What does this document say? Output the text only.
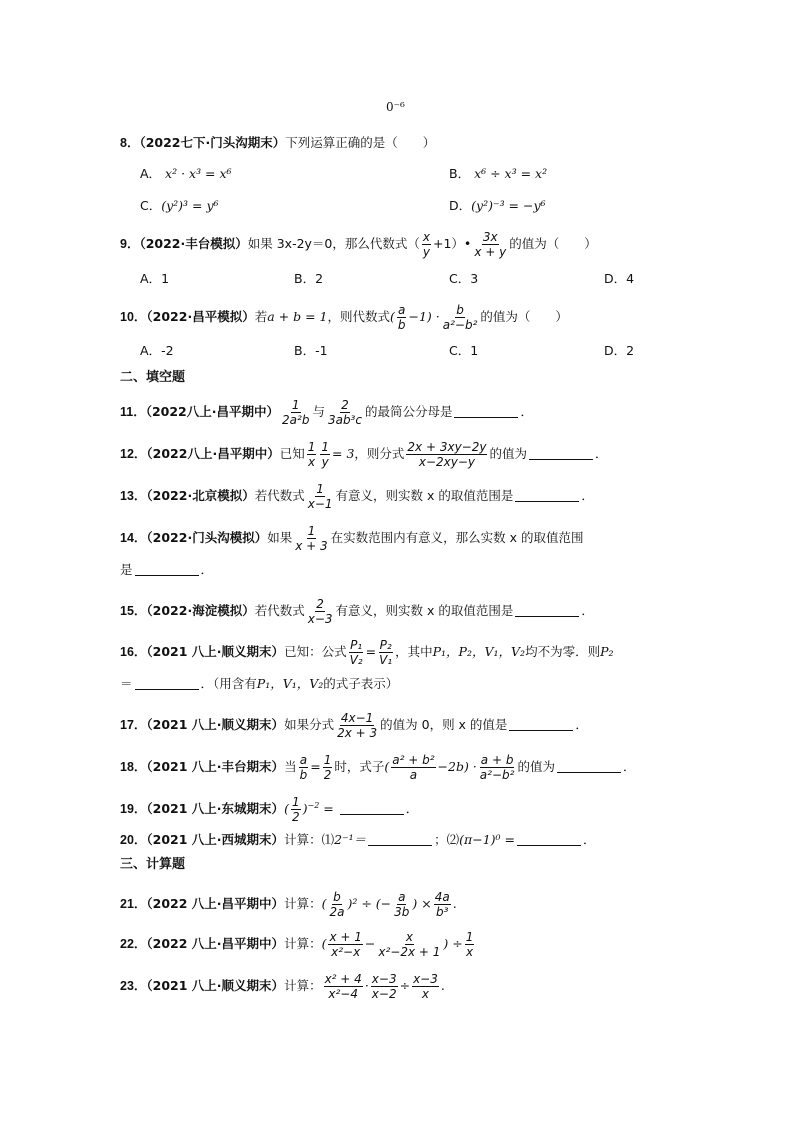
0⁻⁶
8．（2022七下·门头沟期末）下列运算正确的是（　　）
A． x² · x³ = x⁶	B． x⁶ ÷ x³ = x²
C．(y²)³ = y⁶	D．(y²)⁻³ = −y⁶
9．（2022·丰台模拟）如果 3x-2y＝0，那么代数式（ $\frac{x}{y}$ +1）• $\frac{3x}{x + y}$ 的值为（　　）
A．1	B．2	C．3	D．4
10．（2022·昌平模拟）若a + b = 1，则代数式( $\frac{a}{b} -1) \cdot \frac{b}{\text{a²−b²}}$ 的值为（　　）
A．-2	B．-1	C．1	D．2
二、填空题
11．（2022八上·昌平期中） $\frac{1}{\text{2a²b}}$ 与 $\frac{2}{\text{3ab³c}}$ 的最简公分母是	．
12．（2022八上·昌平期中）已知 $\frac{1}{x} \frac{1}{y} = 3$，则分式 $\frac{2x + 3xy-2y}{x-2xy-y}$ 的值为	．
13．（2022·北京模拟）若代数式 $\frac{1}{x-1}$ 有意义，则实数 x 的取值范围是	．
14．（2022·门头沟模拟）如果 $\frac{1}{x + 3}$ 在实数范围内有意义，那么实数 x 的取值范围
是	．
15．（2022·海淀模拟）若代数式 $\frac{2}{x-3}$ 有意义，则实数 x 的取值范围是	．
16．（2021 八上·顺义期末）已知：公式 $\frac{\text{P₁}}{\text{V₂}} = \frac{\text{P₂}}{\text{V₁}}$ ，其中P₁，P₂，V₁，V₂均不为零．则P₂
＝	．（用含有P₁，V₁，V₂的式子表示）
17．（2021 八上·顺义期末）如果分式 $\frac{4x-1}{2x + 3}$ 的值为 0，则 x 的值是	．
18．（2021 八上·丰台期末）当 $\frac{a}{b} = \frac{1}{2}$ 时，式子( $\frac{\text{a² + b²}}{a} -2b) \cdot \frac{a + b}{\text{a²−b²}}$ 的值为	．
19．（2021 八上·东城期末）( $\frac{1}{2} )^{-2}$ =	．
20．（2021 八上·西城期末）计算：⑴2⁻¹＝	；⑵(π−1)⁰ =	．
三、计算题
21．（2022 八上·昌平期中）计算：( $\frac{b}{2a} )^2$ ÷ (− $\frac{a}{3b}$ ) × $\frac{4a}{\text{b³}}$ .
22．（2022 八上·昌平期中）计算：( $\frac{x + 1}{\text{x²−x}} - \frac{x}{\text{x²−2x + 1}}$ ) ÷ $\frac{1}{x}$
23．（2021 八上·顺义期末）计算： $\frac{\text{x² + 4}}{\text{x²−4}} \cdot \frac{x-3}{x-2} \div \frac{x-3}{x}$ .
